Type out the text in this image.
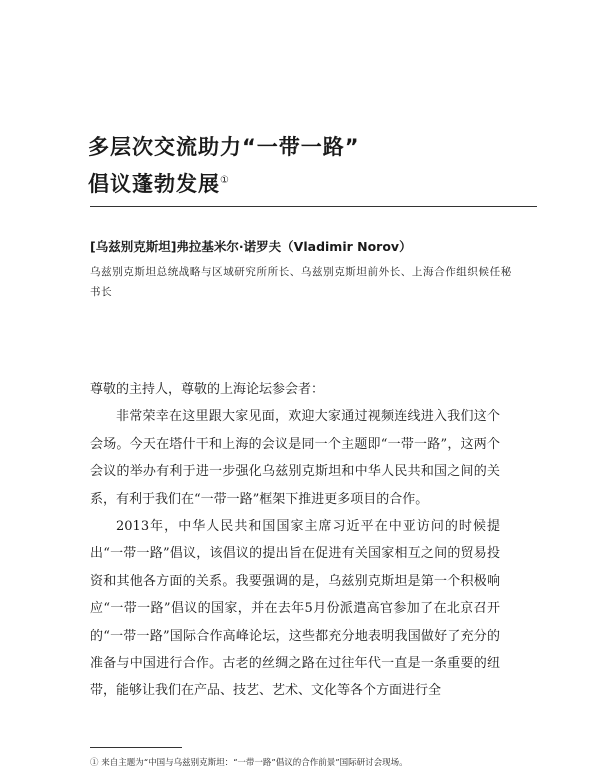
多层次交流助力“一带一路”
倡议蓬勃发展①
[乌兹别克斯坦]弗拉基米尔·诺罗夫（Vladimir Norov）
乌兹别克斯坦总统战略与区域研究所所长、乌兹别克斯坦前外长、上海合作组织候任秘书长

尊敬的主持人，尊敬的上海论坛参会者：

非常荣幸在这里跟大家见面，欢迎大家通过视频连线进入我们这个会场。今天在塔什干和上海的会议是同一个主题即“一带一路”，这两个会议的举办有利于进一步强化乌兹别克斯坦和中华人民共和国之间的关系，有利于我们在“一带一路”框架下推进更多项目的合作。

2013年，中华人民共和国国家主席习近平在中亚访问的时候提出“一带一路”倡议，该倡议的提出旨在促进有关国家相互之间的贸易投资和其他各方面的关系。我要强调的是，乌兹别克斯坦是第一个积极响应“一带一路”倡议的国家，并在去年5月份派遣高官参加了在北京召开的“一带一路”国际合作高峰论坛，这些都充分地表明我国做好了充分的准备与中国进行合作。古老的丝绸之路在过往年代一直是一条重要的纽带，能够让我们在产品、技艺、艺术、文化等各个方面进行全

① 来自主题为“中国与乌兹别克斯坦：“一带一路”倡议的合作前景”国际研讨会现场。
